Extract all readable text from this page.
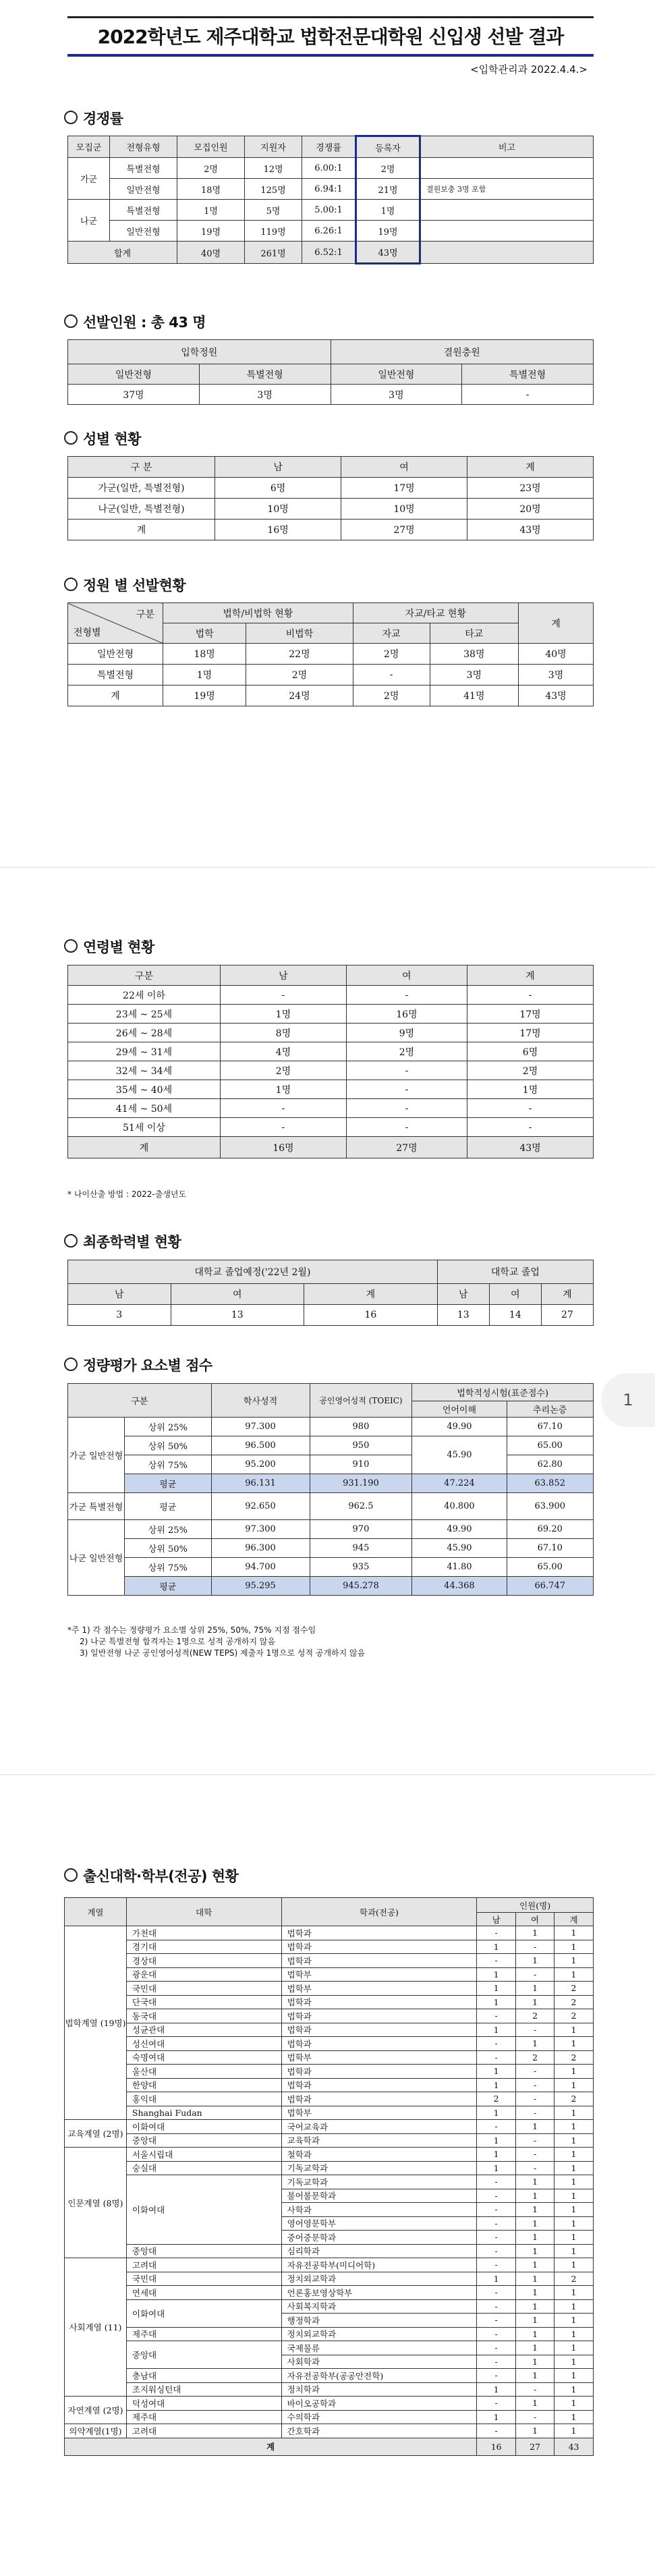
2022학년도 제주대학교 법학전문대학원 신입생 선발 결과
<입학관리과 2022.4.4.>
경쟁률
모집군	전형유형	모집인원	지원자	경쟁률	등록자	비고
가군	특별전형	2명	12명	6.00:1	2명	
	일반전형	18명	125명	6.94:1	21명	결원보충 3명 포함
나군	특별전형	1명	5명	5.00:1	1명	
	일반전형	19명	119명	6.26:1	19명	
합계		40명	261명	6.52:1	43명	
선발인원 : 총 43 명
입학정원		결원충원	
일반전형	특별전형	일반전형	특별전형
37명	3명	3명	-
성별 현황
구 분	남	여	계
가군(일반, 특별전형)	6명	17명	23명
나군(일반, 특별전형)	10명	10명	20명
계	16명	27명	43명
정원 별 선발현황
구분
전형별	법학/비법학 현황		자교/타교 현황		계
	법학	비법학	자교	타교	
일반전형	18명	22명	2명	38명	40명
특별전형	1명	2명	-	3명	3명
계	19명	24명	2명	41명	43명
연령별 현황
구분	남	여	계
22세 이하	-	-	-
23세 ~ 25세	1명	16명	17명
26세 ~ 28세	8명	9명	17명
29세 ~ 31세	4명	2명	6명
32세 ~ 34세	2명	-	2명
35세 ~ 40세	1명	-	1명
41세 ~ 50세	-	-	-
51세 이상	-	-	-
계	16명	27명	43명
* 나이산출 방법 : 2022-출생년도
최종학력별 현황
대학교 졸업예정('22년 2월)			대학교 졸업		
남	여	계	남	여	계
3	13	16	13	14	27
정량평가 요소별 점수
구분		학사성적	공인영어성적 (TOEIC)	법학적성시험(표준점수)	
				언어이해	추리논증
가군 일반전형	상위 25%	97.300	980	49.90	67.10
	상위 50%	96.500	950	45.90	65.00
	상위 75%	95.200	910		62.80
	평균	96.131	931.190	47.224	63.852
가군 특별전형	평균	92.650	962.5	40.800	63.900
나군 일반전형	상위 25%	97.300	970	49.90	69.20
	상위 50%	96.300	945	45.90	67.10
	상위 75%	94.700	935	41.80	65.00
	평균	95.295	945.278	44.368	66.747
*주 1) 각 점수는 정량평가 요소별 상위 25%, 50%, 75% 지점 점수임
2) 나군 특별전형 합격자는 1명으로 성적 공개하지 않음
3) 일반전형 나군 공인영어성적(NEW TEPS) 제출자 1명으로 성적 공개하지 않음
1
출신대학·학부(전공) 현황
계열	대학	학과(전공)	인원(명)		
			남	여	계
법학계열 (19명)	가천대	법학과	-	1	1
	경기대	법학과	1	-	1
	경상대	법학과	-	1	1
	광운대	법학부	1	-	1
	국민대	법학부	1	1	2
	단국대	법학과	1	1	2
	동국대	법학과	-	2	2
	성균관대	법학과	1	-	1
	성신여대	법학과	-	1	1
	숙명여대	법학부	-	2	2
	울산대	법학과	1	-	1
	한양대	법학과	1	-	1
	홍익대	법학과	2	-	2
	Shanghai Fudan	법학부	1	-	1
교육계열 (2명)	이화여대	국어교육과	-	1	1
	중앙대	교육학과	1	-	1
인문계열 (8명)	서울시립대	철학과	1	-	1
	숭실대	기독교학과	1	-	1
	이화여대	기독교학과	-	1	1
		불어불문학과	-	1	1
		사학과	-	1	1
		영어영문학부	-	1	1
		중어중문학과	-	1	1
	중앙대	심리학과	-	1	1
사회계열 (11)	고려대	자유전공학부(미디어학)	-	1	1
	국민대	정치외교학과	1	1	2
	연세대	언론홍보영상학부	-	1	1
	이화여대	사회복지학과	-	1	1
		행정학과	-	1	1
	제주대	정치외교학과	-	1	1
	중앙대	국제물류	-	1	1
		사회학과	-	1	1
	충남대	자유전공학부(공공안전학)	-	1	1
	조지워싱턴대	정치학과	1	-	1
자연계열 (2명)	덕성여대	바이오공학과	-	1	1
	제주대	수의학과	1	-	1
의약계열(1명)	고려대	간호학과	-	1	1
계			16	27	43
